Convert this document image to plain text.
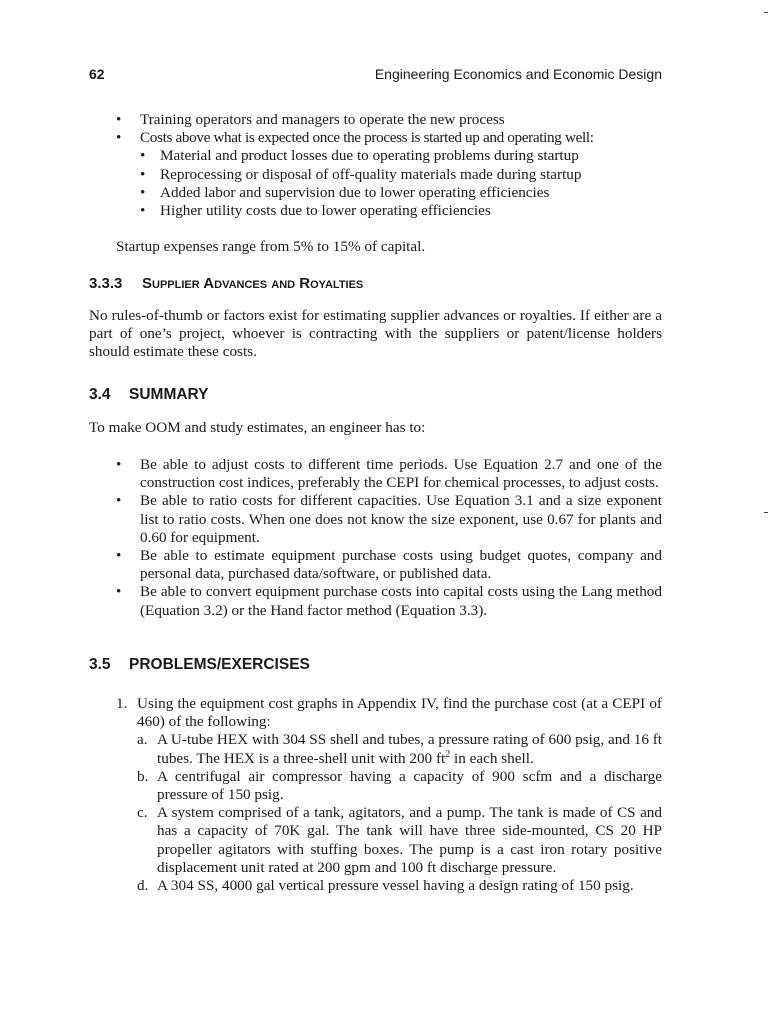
62	Engineering Economics and Economic Design
• Training operators and managers to operate the new process
• Costs above what is expected once the process is started up and operating well:
• Material and product losses due to operating problems during startup
• Reprocessing or disposal of off-quality materials made during startup
• Added labor and supervision due to lower operating efficiencies
• Higher utility costs due to lower operating efficiencies
Startup expenses range from 5% to 15% of capital.
3.3.3 Supplier Advances and Royalties
No rules-of-thumb or factors exist for estimating supplier advances or royalties. If either are a part of one’s project, whoever is contracting with the suppliers or patent/license holders should estimate these costs.
3.4 SUMMARY
To make OOM and study estimates, an engineer has to:
• Be able to adjust costs to different time periods. Use Equation 2.7 and one of the construction cost indices, preferably the CEPI for chemical processes, to adjust costs.
• Be able to ratio costs for different capacities. Use Equation 3.1 and a size exponent list to ratio costs. When one does not know the size exponent, use 0.67 for plants and 0.60 for equipment.
• Be able to estimate equipment purchase costs using budget quotes, company and personal data, purchased data/software, or published data.
• Be able to convert equipment purchase costs into capital costs using the Lang method (Equation 3.2) or the Hand factor method (Equation 3.3).
3.5 PROBLEMS/EXERCISES
1. Using the equipment cost graphs in Appendix IV, find the purchase cost (at a CEPI of 460) of the following:
a. A U-tube HEX with 304 SS shell and tubes, a pressure rating of 600 psig, and 16 ft tubes. The HEX is a three-shell unit with 200 $ft^2$ in each shell.
b. A centrifugal air compressor having a capacity of 900 scfm and a discharge pressure of 150 psig.
c. A system comprised of a tank, agitators, and a pump. The tank is made of CS and has a capacity of 70K gal. The tank will have three side-mounted, CS 20 HP propeller agitators with stuffing boxes. The pump is a cast iron rotary positive displacement unit rated at 200 gpm and 100 ft discharge pressure.
d. A 304 SS, 4000 gal vertical pressure vessel having a design rating of 150 psig.
